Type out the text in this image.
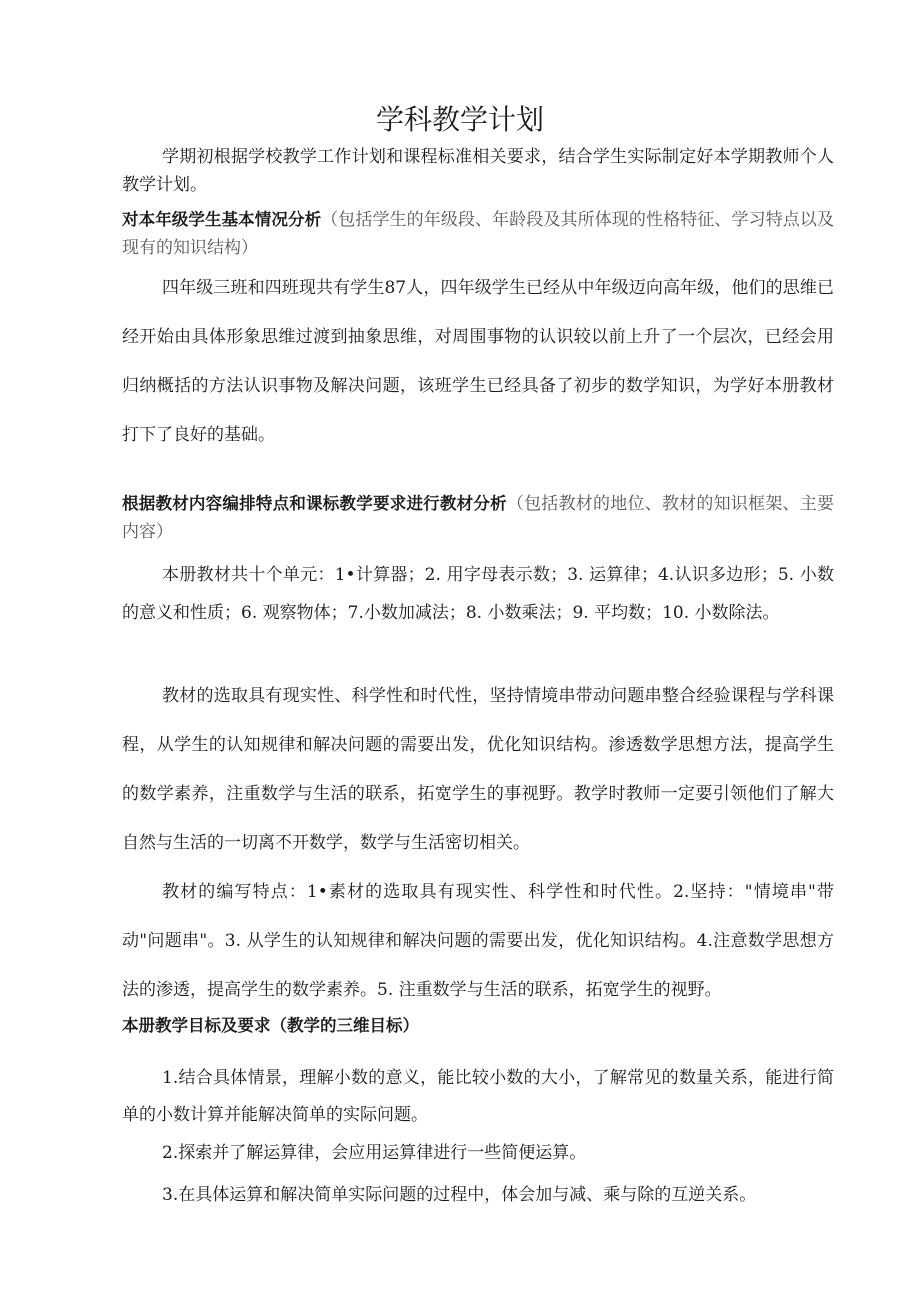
学科教学计划

学期初根据学校教学工作计划和课程标准相关要求，结合学生实际制定好本学期教师个人教学计划。

对本年级学生基本情况分析（包括学生的年级段、年龄段及其所体现的性格特征、学习特点以及现有的知识结构）

四年级三班和四班现共有学生87人，四年级学生已经从中年级迈向高年级，他们的思维已经开始由具体形象思维过渡到抽象思维，对周围事物的认识较以前上升了一个层次，已经会用归纳概括的方法认识事物及解决问题，该班学生已经具备了初步的数学知识，为学好本册教材打下了良好的基础。

根据教材内容编排特点和课标教学要求进行教材分析（包括教材的地位、教材的知识框架、主要内容）

本册教材共十个单元：1•计算器；2. 用字母表示数；3. 运算律；4.认识多边形；5. 小数的意义和性质；6. 观察物体；7.小数加减法；8. 小数乘法；9. 平均数；10. 小数除法。

教材的选取具有现实性、科学性和时代性，坚持情境串带动问题串整合经验课程与学科课程，从学生的认知规律和解决问题的需要出发，优化知识结构。渗透数学思想方法，提高学生的数学素养，注重数学与生活的联系，拓宽学生的事视野。教学时教师一定要引领他们了解大自然与生活的一切离不开数学，数学与生活密切相关。

教材的编写特点：1•素材的选取具有现实性、科学性和时代性。2.坚持："情境串"带动"问题串"。3. 从学生的认知规律和解决问题的需要出发，优化知识结构。4.注意数学思想方法的渗透，提高学生的数学素养。5. 注重数学与生活的联系，拓宽学生的视野。

本册教学目标及要求（教学的三维目标）

1.结合具体情景，理解小数的意义，能比较小数的大小，了解常见的数量关系，能进行简单的小数计算并能解决简单的实际问题。

2.探索并了解运算律，会应用运算律进行一些简便运算。

3.在具体运算和解决简单实际问题的过程中，体会加与减、乘与除的互逆关系。
